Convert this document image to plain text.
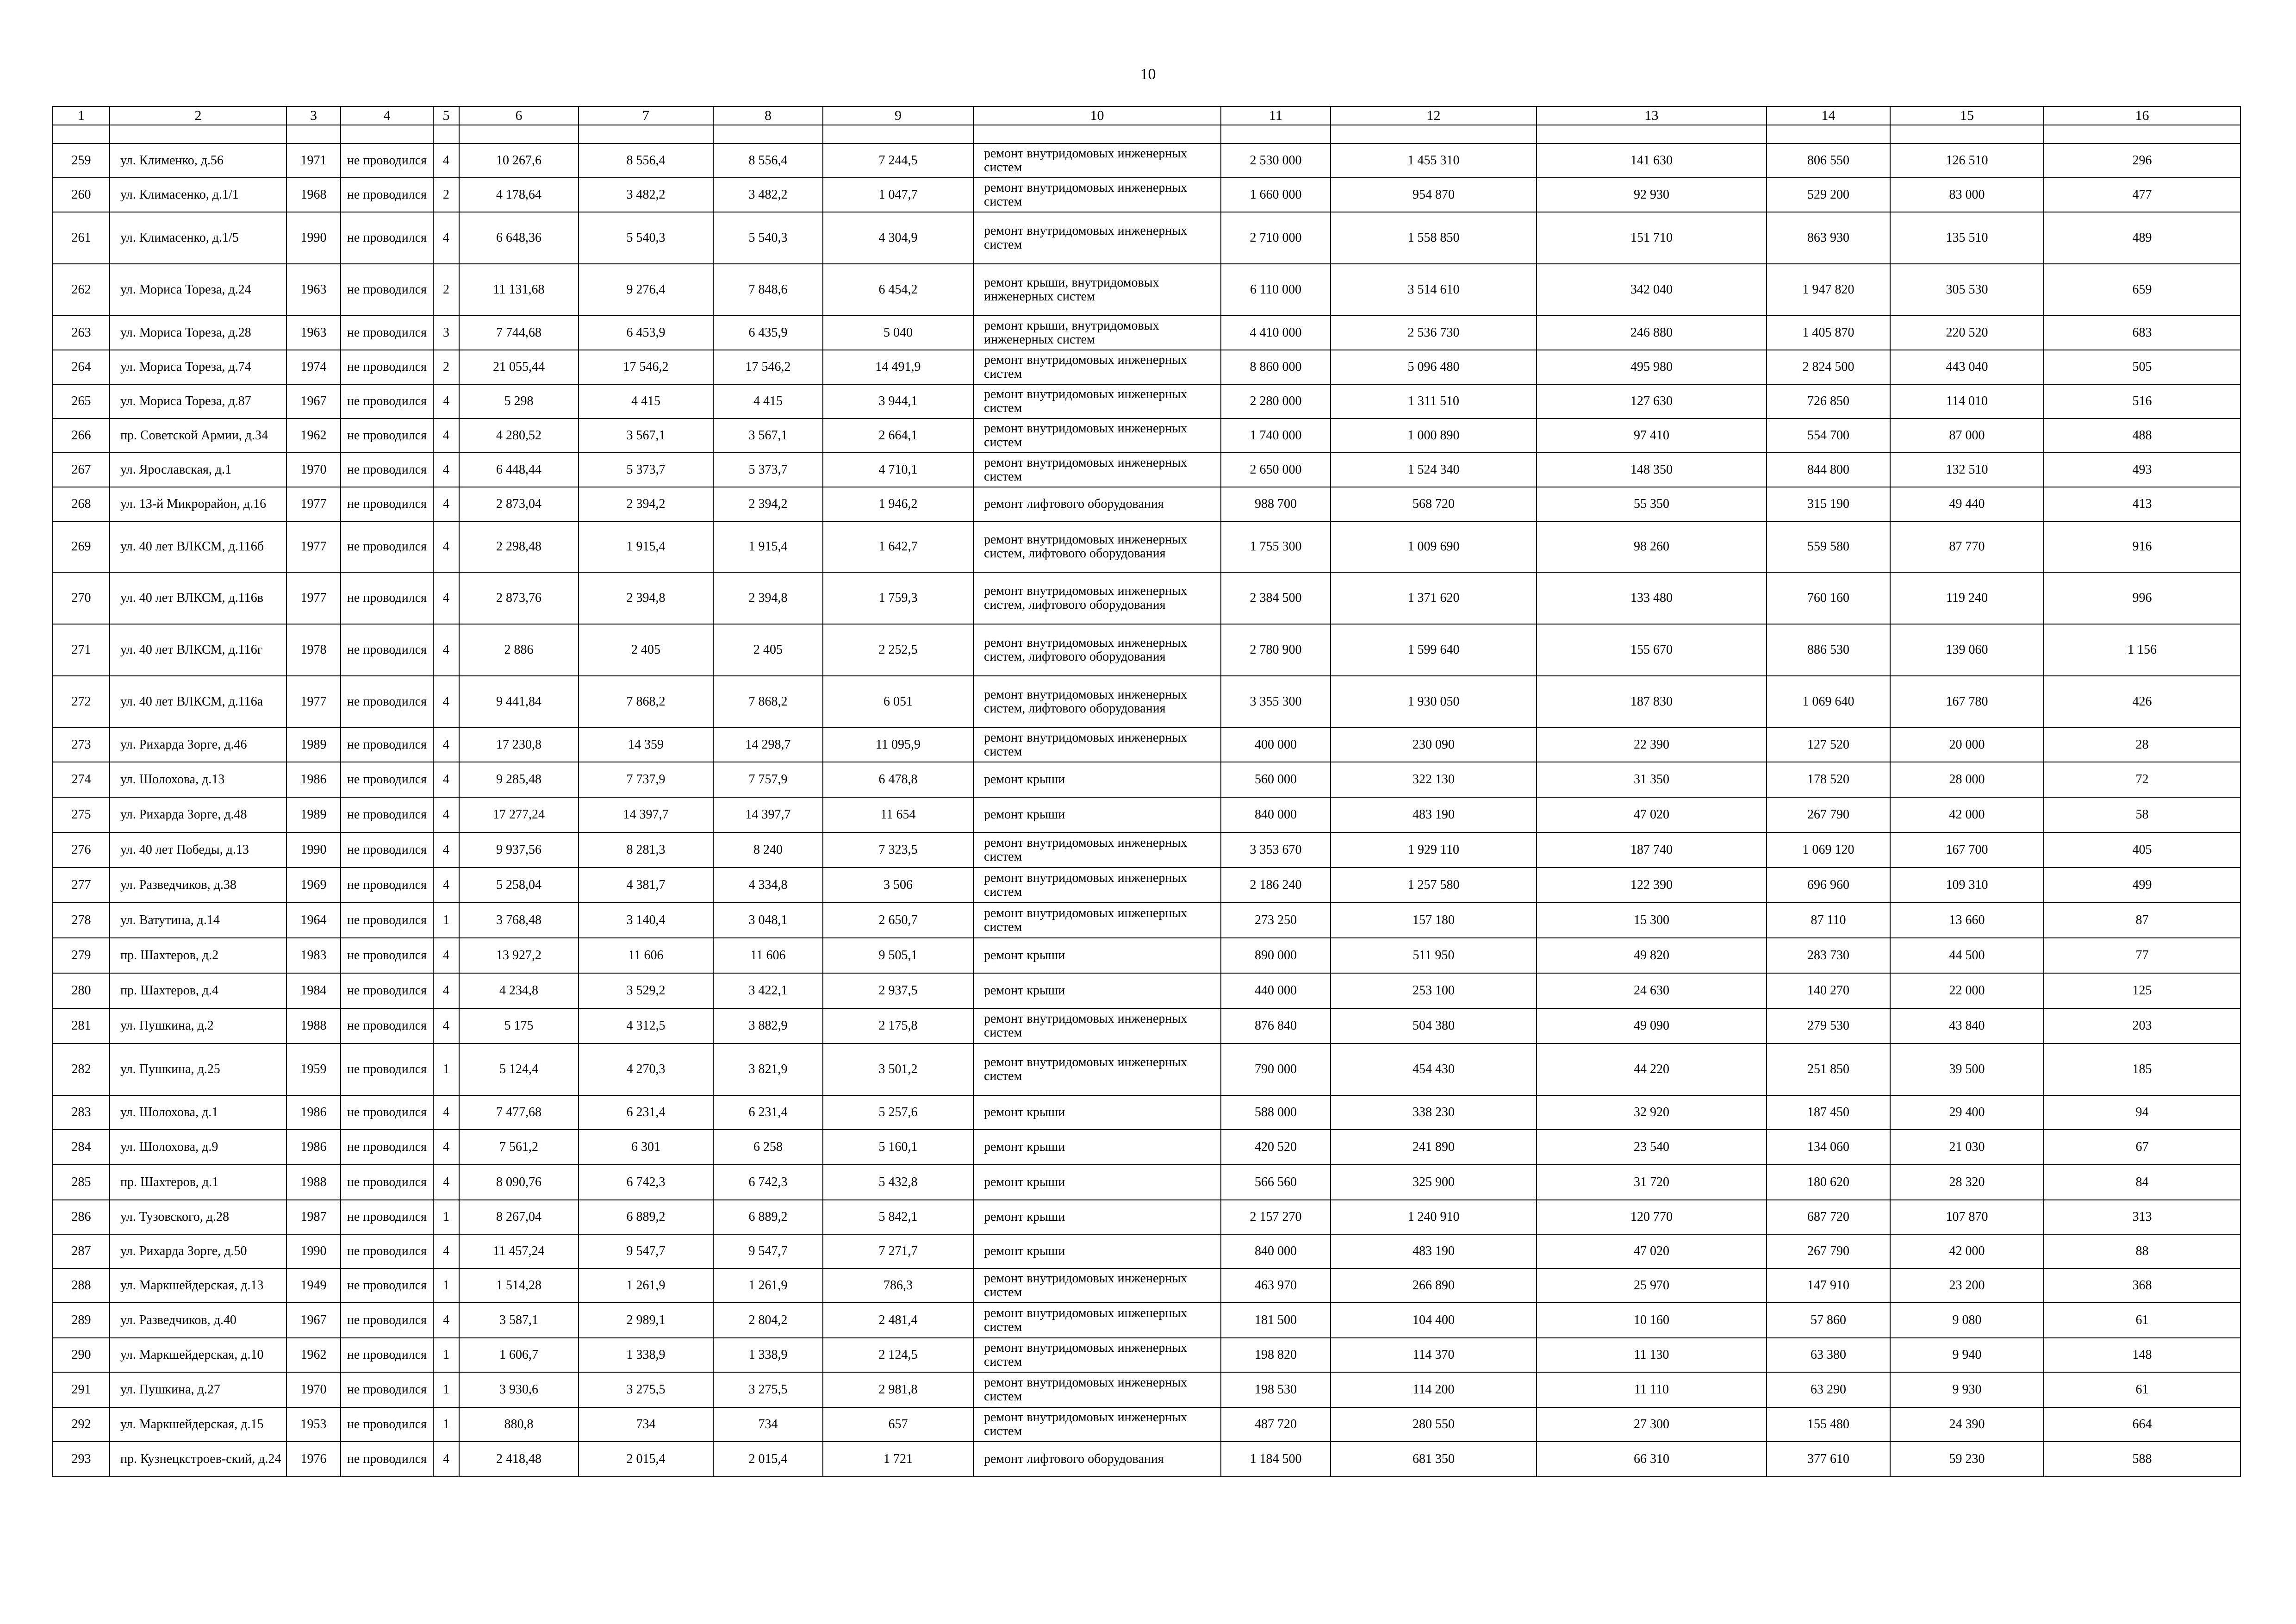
10
1	2	3	4	5	6	7	8	9	10	11	12	13	14	15	16

259	ул. Клименко, д.56	1971	не проводился	4	10 267,6	8 556,4	8 556,4	7 244,5	ремонт внутридомовых инженерных систем	2 530 000	1 455 310	141 630	806 550	126 510	296
260	ул. Климасенко, д.1/1	1968	не проводился	2	4 178,64	3 482,2	3 482,2	1 047,7	ремонт внутридомовых инженерных систем	1 660 000	954 870	92 930	529 200	83 000	477
261	ул. Климасенко, д.1/5	1990	не проводился	4	6 648,36	5 540,3	5 540,3	4 304,9	ремонт внутридомовых инженерных систем	2 710 000	1 558 850	151 710	863 930	135 510	489
262	ул. Мориса Тореза, д.24	1963	не проводился	2	11 131,68	9 276,4	7 848,6	6 454,2	ремонт крыши, внутридомовых инженерных систем	6 110 000	3 514 610	342 040	1 947 820	305 530	659
263	ул. Мориса Тореза, д.28	1963	не проводился	3	7 744,68	6 453,9	6 435,9	5 040	ремонт крыши, внутридомовых инженерных систем	4 410 000	2 536 730	246 880	1 405 870	220 520	683
264	ул. Мориса Тореза, д.74	1974	не проводился	2	21 055,44	17 546,2	17 546,2	14 491,9	ремонт внутридомовых инженерных систем	8 860 000	5 096 480	495 980	2 824 500	443 040	505
265	ул. Мориса Тореза, д.87	1967	не проводился	4	5 298	4 415	4 415	3 944,1	ремонт внутридомовых инженерных систем	2 280 000	1 311 510	127 630	726 850	114 010	516
266	пр. Советской Армии, д.34	1962	не проводился	4	4 280,52	3 567,1	3 567,1	2 664,1	ремонт внутридомовых инженерных систем	1 740 000	1 000 890	97 410	554 700	87 000	488
267	ул. Ярославская, д.1	1970	не проводился	4	6 448,44	5 373,7	5 373,7	4 710,1	ремонт внутридомовых инженерных систем	2 650 000	1 524 340	148 350	844 800	132 510	493
268	ул. 13-й Микрорайон, д.16	1977	не проводился	4	2 873,04	2 394,2	2 394,2	1 946,2	ремонт лифтового оборудования	988 700	568 720	55 350	315 190	49 440	413
269	ул. 40 лет ВЛКСМ, д.116б	1977	не проводился	4	2 298,48	1 915,4	1 915,4	1 642,7	ремонт внутридомовых инженерных систем, лифтового оборудования	1 755 300	1 009 690	98 260	559 580	87 770	916
270	ул. 40 лет ВЛКСМ, д.116в	1977	не проводился	4	2 873,76	2 394,8	2 394,8	1 759,3	ремонт внутридомовых инженерных систем, лифтового оборудования	2 384 500	1 371 620	133 480	760 160	119 240	996
271	ул. 40 лет ВЛКСМ, д.116г	1978	не проводился	4	2 886	2 405	2 405	2 252,5	ремонт внутридомовых инженерных систем, лифтового оборудования	2 780 900	1 599 640	155 670	886 530	139 060	1 156
272	ул. 40 лет ВЛКСМ, д.116а	1977	не проводился	4	9 441,84	7 868,2	7 868,2	6 051	ремонт внутридомовых инженерных систем, лифтового оборудования	3 355 300	1 930 050	187 830	1 069 640	167 780	426
273	ул. Рихарда Зорге, д.46	1989	не проводился	4	17 230,8	14 359	14 298,7	11 095,9	ремонт внутридомовых инженерных систем	400 000	230 090	22 390	127 520	20 000	28
274	ул. Шолохова, д.13	1986	не проводился	4	9 285,48	7 737,9	7 757,9	6 478,8	ремонт крыши	560 000	322 130	31 350	178 520	28 000	72
275	ул. Рихарда Зорге, д.48	1989	не проводился	4	17 277,24	14 397,7	14 397,7	11 654	ремонт крыши	840 000	483 190	47 020	267 790	42 000	58
276	ул. 40 лет Победы, д.13	1990	не проводился	4	9 937,56	8 281,3	8 240	7 323,5	ремонт внутридомовых инженерных систем	3 353 670	1 929 110	187 740	1 069 120	167 700	405
277	ул. Разведчиков, д.38	1969	не проводился	4	5 258,04	4 381,7	4 334,8	3 506	ремонт внутридомовых инженерных систем	2 186 240	1 257 580	122 390	696 960	109 310	499
278	ул. Ватутина, д.14	1964	не проводился	1	3 768,48	3 140,4	3 048,1	2 650,7	ремонт внутридомовых инженерных систем	273 250	157 180	15 300	87 110	13 660	87
279	пр. Шахтеров, д.2	1983	не проводился	4	13 927,2	11 606	11 606	9 505,1	ремонт крыши	890 000	511 950	49 820	283 730	44 500	77
280	пр. Шахтеров, д.4	1984	не проводился	4	4 234,8	3 529,2	3 422,1	2 937,5	ремонт крыши	440 000	253 100	24 630	140 270	22 000	125
281	ул. Пушкина, д.2	1988	не проводился	4	5 175	4 312,5	3 882,9	2 175,8	ремонт внутридомовых инженерных систем	876 840	504 380	49 090	279 530	43 840	203
282	ул. Пушкина, д.25	1959	не проводился	1	5 124,4	4 270,3	3 821,9	3 501,2	ремонт внутридомовых инженерных систем	790 000	454 430	44 220	251 850	39 500	185
283	ул. Шолохова, д.1	1986	не проводился	4	7 477,68	6 231,4	6 231,4	5 257,6	ремонт крыши	588 000	338 230	32 920	187 450	29 400	94
284	ул. Шолохова, д.9	1986	не проводился	4	7 561,2	6 301	6 258	5 160,1	ремонт крыши	420 520	241 890	23 540	134 060	21 030	67
285	пр. Шахтеров, д.1	1988	не проводился	4	8 090,76	6 742,3	6 742,3	5 432,8	ремонт крыши	566 560	325 900	31 720	180 620	28 320	84
286	ул. Тузовского, д.28	1987	не проводился	1	8 267,04	6 889,2	6 889,2	5 842,1	ремонт крыши	2 157 270	1 240 910	120 770	687 720	107 870	313
287	ул. Рихарда Зорге, д.50	1990	не проводился	4	11 457,24	9 547,7	9 547,7	7 271,7	ремонт крыши	840 000	483 190	47 020	267 790	42 000	88
288	ул. Маркшейдерская, д.13	1949	не проводился	1	1 514,28	1 261,9	1 261,9	786,3	ремонт внутридомовых инженерных систем	463 970	266 890	25 970	147 910	23 200	368
289	ул. Разведчиков, д.40	1967	не проводился	4	3 587,1	2 989,1	2 804,2	2 481,4	ремонт внутридомовых инженерных систем	181 500	104 400	10 160	57 860	9 080	61
290	ул. Маркшейдерская, д.10	1962	не проводился	1	1 606,7	1 338,9	1 338,9	2 124,5	ремонт внутридомовых инженерных систем	198 820	114 370	11 130	63 380	9 940	148
291	ул. Пушкина, д.27	1970	не проводился	1	3 930,6	3 275,5	3 275,5	2 981,8	ремонт внутридомовых инженерных систем	198 530	114 200	11 110	63 290	9 930	61
292	ул. Маркшейдерская, д.15	1953	не проводился	1	880,8	734	734	657	ремонт внутридомовых инженерных систем	487 720	280 550	27 300	155 480	24 390	664
293	пр. Кузнецкстроев-ский, д.24	1976	не проводился	4	2 418,48	2 015,4	2 015,4	1 721	ремонт лифтового оборудования	1 184 500	681 350	66 310	377 610	59 230	588
